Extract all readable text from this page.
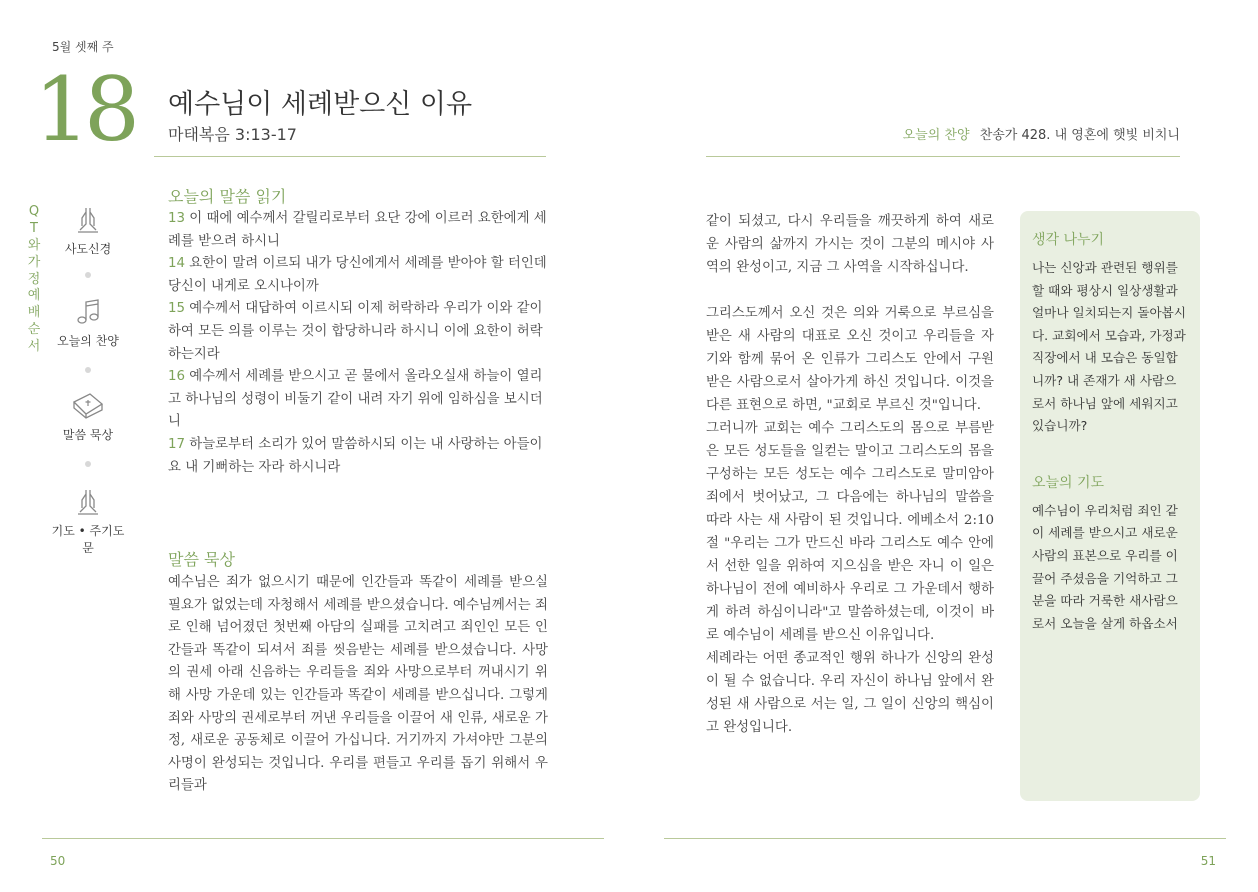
5월 셋째 주
18 예수님이 세례받으신 이유
마태복음 3:13-17	오늘의 찬양 찬송가 428. 내 영혼에 햇빛 비치니
QT와 가정예배 순서
사도신경
오늘의 찬양
말씀 묵상
기도 • 주기도문
오늘의 말씀 읽기

13 이 때에 예수께서 갈릴리로부터 요단 강에 이르러 요한에게 세례를 받으려 하시니

14 요한이 말려 이르되 내가 당신에게서 세례를 받아야 할 터인데 당신이 내게로 오시나이까

15 예수께서 대답하여 이르시되 이제 허락하라 우리가 이와 같이 하여 모든 의를 이루는 것이 합당하니라 하시니 이에 요한이 허락하는지라

16 예수께서 세례를 받으시고 곧 물에서 올라오실새 하늘이 열리고 하나님의 성령이 비둘기 같이 내려 자기 위에 임하심을 보시더니

17 하늘로부터 소리가 있어 말씀하시되 이는 내 사랑하는 아들이요 내 기뻐하는 자라 하시니라

말씀 묵상
예수님은 죄가 없으시기 때문에 인간들과 똑같이 세례를 받으실 필요가 없었는데 자청해서 세례를 받으셨습니다. 예수님께서는 죄로 인해 넘어졌던 첫번째 아담의 실패를 고치려고 죄인인 모든 인간들과 똑같이 되셔서 죄를 씻음받는 세례를 받으셨습니다. 사망의 권세 아래 신음하는 우리들을 죄와 사망으로부터 꺼내시기 위해 사망 가운데 있는 인간들과 똑같이 세례를 받으십니다. 그렇게 죄와 사망의 권세로부터 꺼낸 우리들을 이끌어 새 인류, 새로운 가정, 새로운 공동체로 이끌어 가십니다. 거기까지 가셔야만 그분의 사명이 완성되는 것입니다. 우리를 편들고 우리를 돕기 위해서 우리들과

같이 되셨고, 다시 우리들을 깨끗하게 하여 새로운 사람의 삶까지 가시는 것이 그분의 메시야 사역의 완성이고, 지금 그 사역을 시작하십니다.

그리스도께서 오신 것은 의와 거룩으로 부르심을 받은 새 사람의 대표로 오신 것이고 우리들을 자기와 함께 묶어 온 인류가 그리스도 안에서 구원받은 사람으로서 살아가게 하신 것입니다. 이것을 다른 표현으로 하면, "교회로 부르신 것"입니다.

그러니까 교회는 예수 그리스도의 몸으로 부름받은 모든 성도들을 일컫는 말이고 그리스도의 몸을 구성하는 모든 성도는 예수 그리스도로 말미암아 죄에서 벗어났고, 그 다음에는 하나님의 말씀을 따라 사는 새 사람이 된 것입니다. 에베소서 2:10절 "우리는 그가 만드신 바라 그리스도 예수 안에서 선한 일을 위하여 지으심을 받은 자니 이 일은 하나님이 전에 예비하사 우리로 그 가운데서 행하게 하려 하심이니라"고 말씀하셨는데, 이것이 바로 예수님이 세례를 받으신 이유입니다.

세례라는 어떤 종교적인 행위 하나가 신앙의 완성이 될 수 없습니다. 우리 자신이 하나님 앞에서 완성된 새 사람으로 서는 일, 그 일이 신앙의 핵심이고 완성입니다.

생각 나누기
나는 신앙과 관련된 행위를 할 때와 평상시 일상생활과 얼마나 일치되는지 돌아봅시다. 교회에서 모습과, 가정과 직장에서 내 모습은 동일합니까? 내 존재가 새 사람으로서 하나님 앞에 세워지고 있습니까?
오늘의 기도
예수님이 우리처럼 죄인 같이 세례를 받으시고 새로운 사람의 표본으로 우리를 이끌어 주셨음을 기억하고 그분을 따라 거룩한 새사람으로서 오늘을 살게 하옵소서
50	51
